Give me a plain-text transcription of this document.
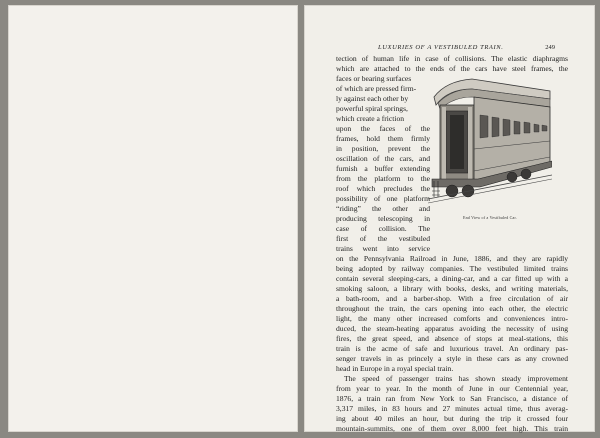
LUXURIES OF A VESTIBULED TRAIN.	249
End View of a Vestibuled Car.
tection of human life in case of collisions. The elastic diaphragms
which are attached to the ends of the cars have steel frames, the
faces or bearing surfaces
of which are pressed firm-
ly against each other by
powerful spiral springs,
which create a friction
upon the faces of the
frames, hold them firmly
in position, prevent the
oscillation of the cars, and
furnish a buffer extending
from the platform to the
roof which precludes the
possibility of one platform
“riding” the other and
producing telescoping in
case of collision. The
first of the vestibuled
trains went into service
on the Pennsylvania Railroad in June, 1886, and they are rapidly
being adopted by railway companies. The vestibuled limited trains
contain several sleeping-cars, a dining-car, and a car fitted up with a
smoking saloon, a library with books, desks, and writing materials,
a bath-room, and a barber-shop. With a free circulation of air
throughout the train, the cars opening into each other, the electric
light, the many other increased comforts and conveniences intro-
duced, the steam-heating apparatus avoiding the necessity of using
fires, the great speed, and absence of stops at meal-stations, this
train is the acme of safe and luxurious travel. An ordinary pas-
senger travels in as princely a style in these cars as any crowned
head in Europe in a royal special train.
The speed of passenger trains has shown steady improvement
from year to year. In the month of June in our Centennial year,
1876, a train ran from New York to San Francisco, a distance of
3,317 miles, in 83 hours and 27 minutes actual time, thus averag-
ing about 40 miles an hour, but during the trip it crossed four
mountain-summits, one of them over 8,000 feet high. This train
